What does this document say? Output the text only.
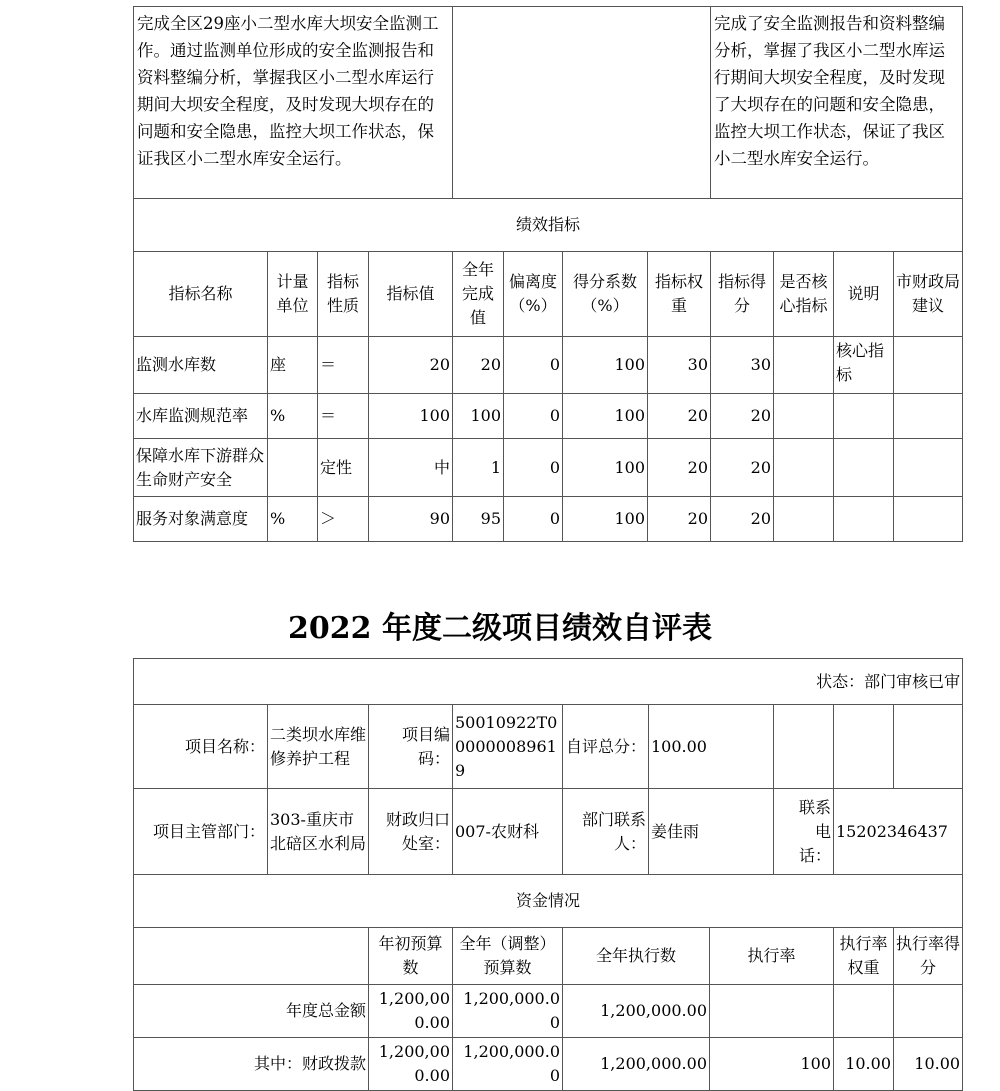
完成全区29座小二型水库大坝安全监测工作。通过监测单位形成的安全监测报告和资料整编分析，掌握我区小二型水库运行期间大坝安全程度，及时发现大坝存在的问题和安全隐患，监控大坝工作状态，保证我区小二型水库安全运行。								完成了安全监测报告和资料整编分析，掌握了我区小二型水库运行期间大坝安全程度，及时发现了大坝存在的问题和安全隐患，监控大坝工作状态，保证了我区小二型水库安全运行。			
绩效指标											
指标名称	计量单位	指标性质	指标值	全年完成值	偏离度（%）	得分系数（%）	指标权重	指标得分	是否核心指标	说明	市财政局建议
监测水库数	座	＝	20	20	0	100	30	30		核心指标	
水库监测规范率	%	＝	100	100	0	100	20	20			
保障水库下游群众生命财产安全		定性	中	1	0	100	20	20			
服务对象满意度	%	＞	90	95	0	100	20	20			
2022 年度二级项目绩效自评表
状态：部门审核已审									
项目名称：	二类坝水库维修养护工程	项目编码：	50010922T000000089619	自评总分：	100.00				
项目主管部门：	303-重庆市北碚区水利局	财政归口处室：	007-农财科	部门联系人：	姜佳雨		联系电话：	15202346437	
资金情况									
		年初预算数	全年（调整）预算数	全年执行数		执行率		执行率权重	执行率得分
年度总金额		1,200,000.00	1,200,000.00	1,200,000.00					
其中：财政拨款		1,200,000.00	1,200,000.00	1,200,000.00		100		10.00	10.00
